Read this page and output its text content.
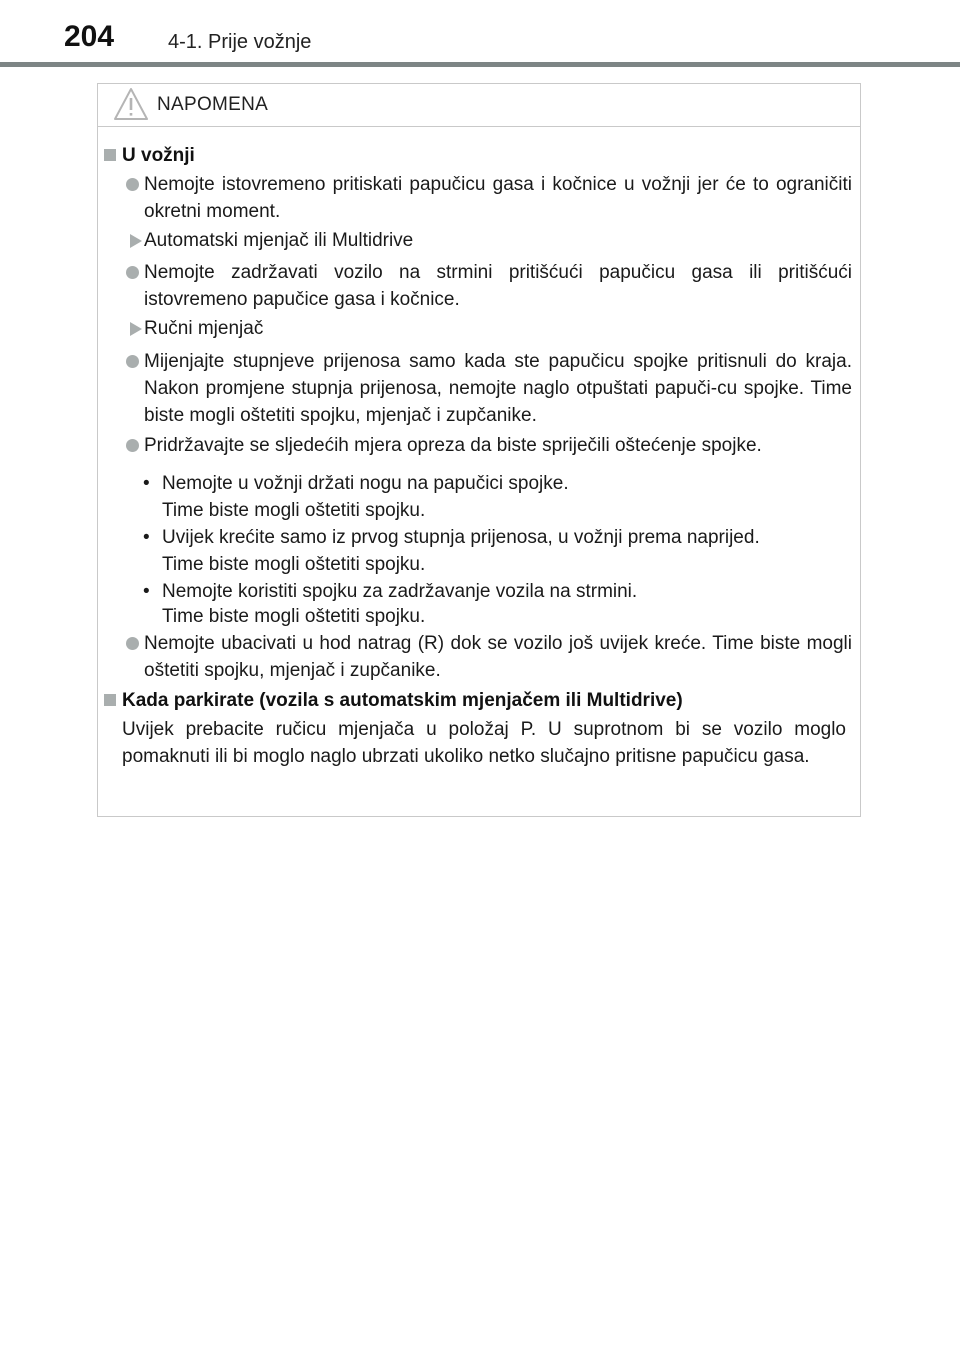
204	4-1. Prije vožnje
NAPOMENA
U vožnji
Nemojte istovremeno pritiskati papučicu gasa i kočnice u vožnji jer će to ograničiti okretni moment.
Automatski mjenjač ili Multidrive
Nemojte zadržavati vozilo na strmini pritišćući papučicu gasa ili pritišćući istovremeno papučice gasa i kočnice.
Ručni mjenjač
Mijenjajte stupnjeve prijenosa samo kada ste papučicu spojke pritisnuli do kraja. Nakon promjene stupnja prijenosa, nemojte naglo otpuštati papuči-cu spojke. Time biste mogli oštetiti spojku, mjenjač i zupčanike.
Pridržavajte se sljedećih mjera opreza da biste spriječili oštećenje spojke.
• Nemojte u vožnji držati nogu na papučici spojke.
Time biste mogli oštetiti spojku.
• Uvijek krećite samo iz prvog stupnja prijenosa, u vožnji prema naprijed.
Time biste mogli oštetiti spojku.
• Nemojte koristiti spojku za zadržavanje vozila na strmini.
Time biste mogli oštetiti spojku.
Nemojte ubacivati u hod natrag (R) dok se vozilo još uvijek kreće. Time biste mogli oštetiti spojku, mjenjač i zupčanike.
Kada parkirate (vozila s automatskim mjenjačem ili Multidrive)
Uvijek prebacite ručicu mjenjača u položaj P. U suprotnom bi se vozilo moglo pomaknuti ili bi moglo naglo ubrzati ukoliko netko slučajno pritisne papučicu gasa.
